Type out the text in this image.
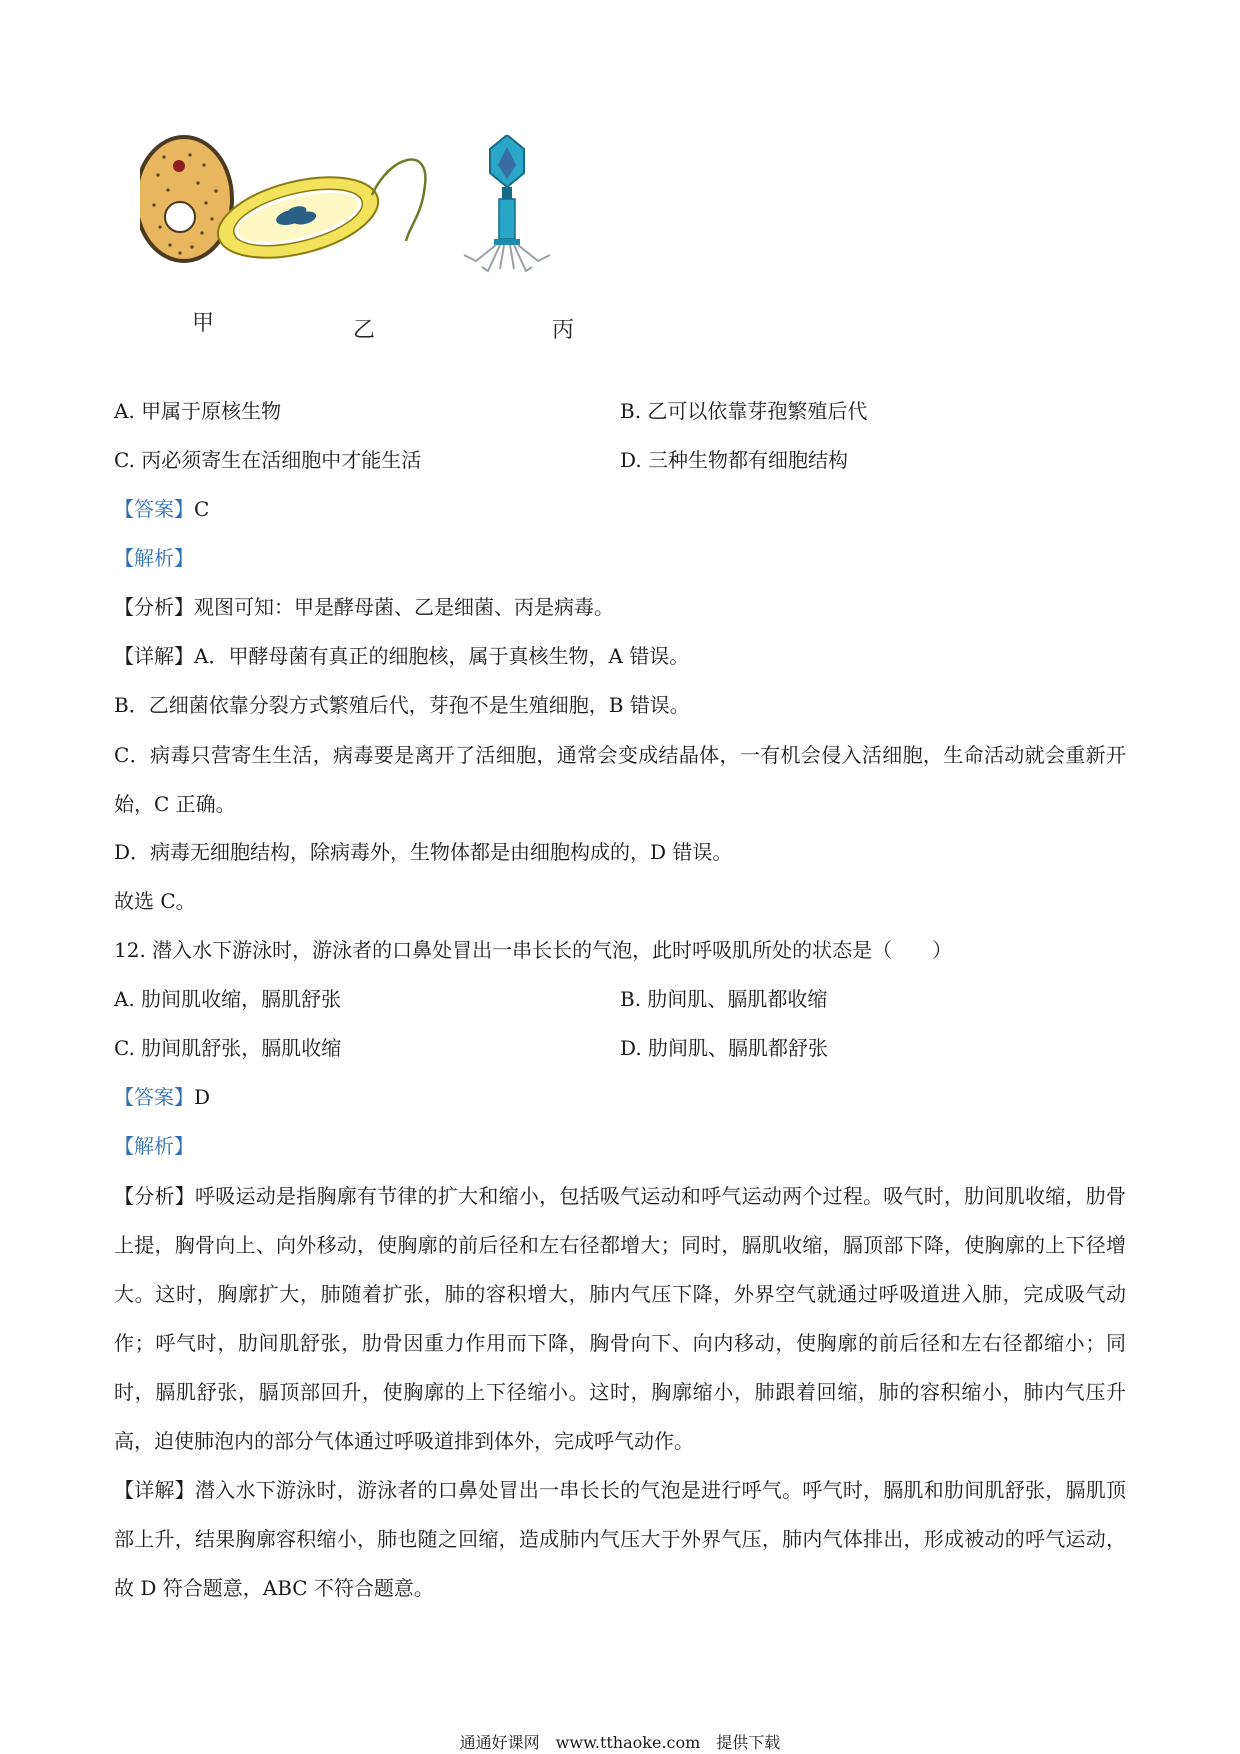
甲	乙	丙
A. 甲属于原核生物	B. 乙可以依靠芽孢繁殖后代
C. 丙必须寄生在活细胞中才能生活	D. 三种生物都有细胞结构
【答案】C
【解析】
【分析】观图可知：甲是酵母菌、乙是细菌、丙是病毒。
【详解】A．甲酵母菌有真正的细胞核，属于真核生物，A 错误。
B．乙细菌依靠分裂方式繁殖后代，芽孢不是生殖细胞，B 错误。
C．病毒只营寄生生活，病毒要是离开了活细胞，通常会变成结晶体，一有机会侵入活细胞，生命活动就会重新开始，C 正确。
D．病毒无细胞结构，除病毒外，生物体都是由细胞构成的，D 错误。
故选 C。
12. 潜入水下游泳时，游泳者的口鼻处冒出一串长长的气泡，此时呼吸肌所处的状态是（　　）
A. 肋间肌收缩，膈肌舒张	B. 肋间肌、膈肌都收缩
C. 肋间肌舒张，膈肌收缩	D. 肋间肌、膈肌都舒张
【答案】D
【解析】
【分析】呼吸运动是指胸廓有节律的扩大和缩小，包括吸气运动和呼气运动两个过程。吸气时，肋间肌收缩，肋骨上提，胸骨向上、向外移动，使胸廓的前后径和左右径都增大；同时，膈肌收缩，膈顶部下降，使胸廓的上下径增大。这时，胸廓扩大，肺随着扩张，肺的容积增大，肺内气压下降，外界空气就通过呼吸道进入肺，完成吸气动作；呼气时，肋间肌舒张，肋骨因重力作用而下降，胸骨向下、向内移动，使胸廓的前后径和左右径都缩小；同时，膈肌舒张，膈顶部回升，使胸廓的上下径缩小。这时，胸廓缩小，肺跟着回缩，肺的容积缩小，肺内气压升高，迫使肺泡内的部分气体通过呼吸道排到体外，完成呼气动作。
【详解】潜入水下游泳时，游泳者的口鼻处冒出一串长长的气泡是进行呼气。呼气时，膈肌和肋间肌舒张，膈肌顶部上升，结果胸廓容积缩小，肺也随之回缩，造成肺内气压大于外界气压，肺内气体排出，形成被动的呼气运动，故 D 符合题意，ABC 不符合题意。
通通好课网　www.tthaoke.com　提供下载
